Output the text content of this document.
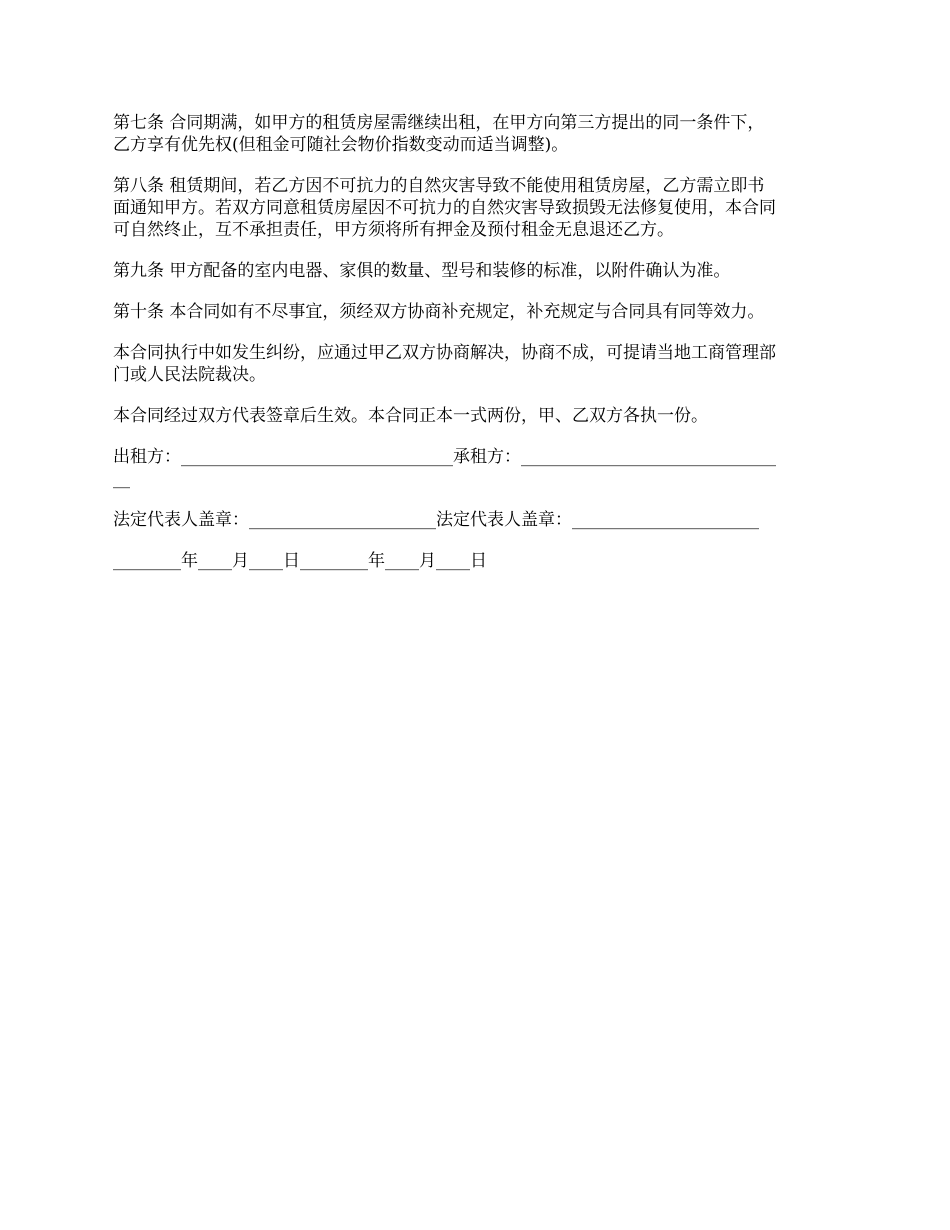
第七条 合同期满，如甲方的租赁房屋需继续出租，在甲方向第三方提出的同一条件下，
乙方享有优先权(但租金可随社会物价指数变动而适当调整)。

第八条 租赁期间，若乙方因不可抗力的自然灾害导致不能使用租赁房屋，乙方需立即书
面通知甲方。若双方同意租赁房屋因不可抗力的自然灾害导致损毁无法修复使用，本合同
可自然终止，互不承担责任，甲方须将所有押金及预付租金无息退还乙方。

第九条 甲方配备的室内电器、家俱的数量、型号和装修的标准，以附件确认为准。

第十条 本合同如有不尽事宜，须经双方协商补充规定，补充规定与合同具有同等效力。

本合同执行中如发生纠纷，应通过甲乙双方协商解决，协商不成，可提请当地工商管理部
门或人民法院裁决。

本合同经过双方代表签章后生效。本合同正本一式两份，甲、乙双方各执一份。

出租方：________________________________承租方：______________________________
__

法定代表人盖章：______________________法定代表人盖章：______________________

________年____月____日________年____月____日
